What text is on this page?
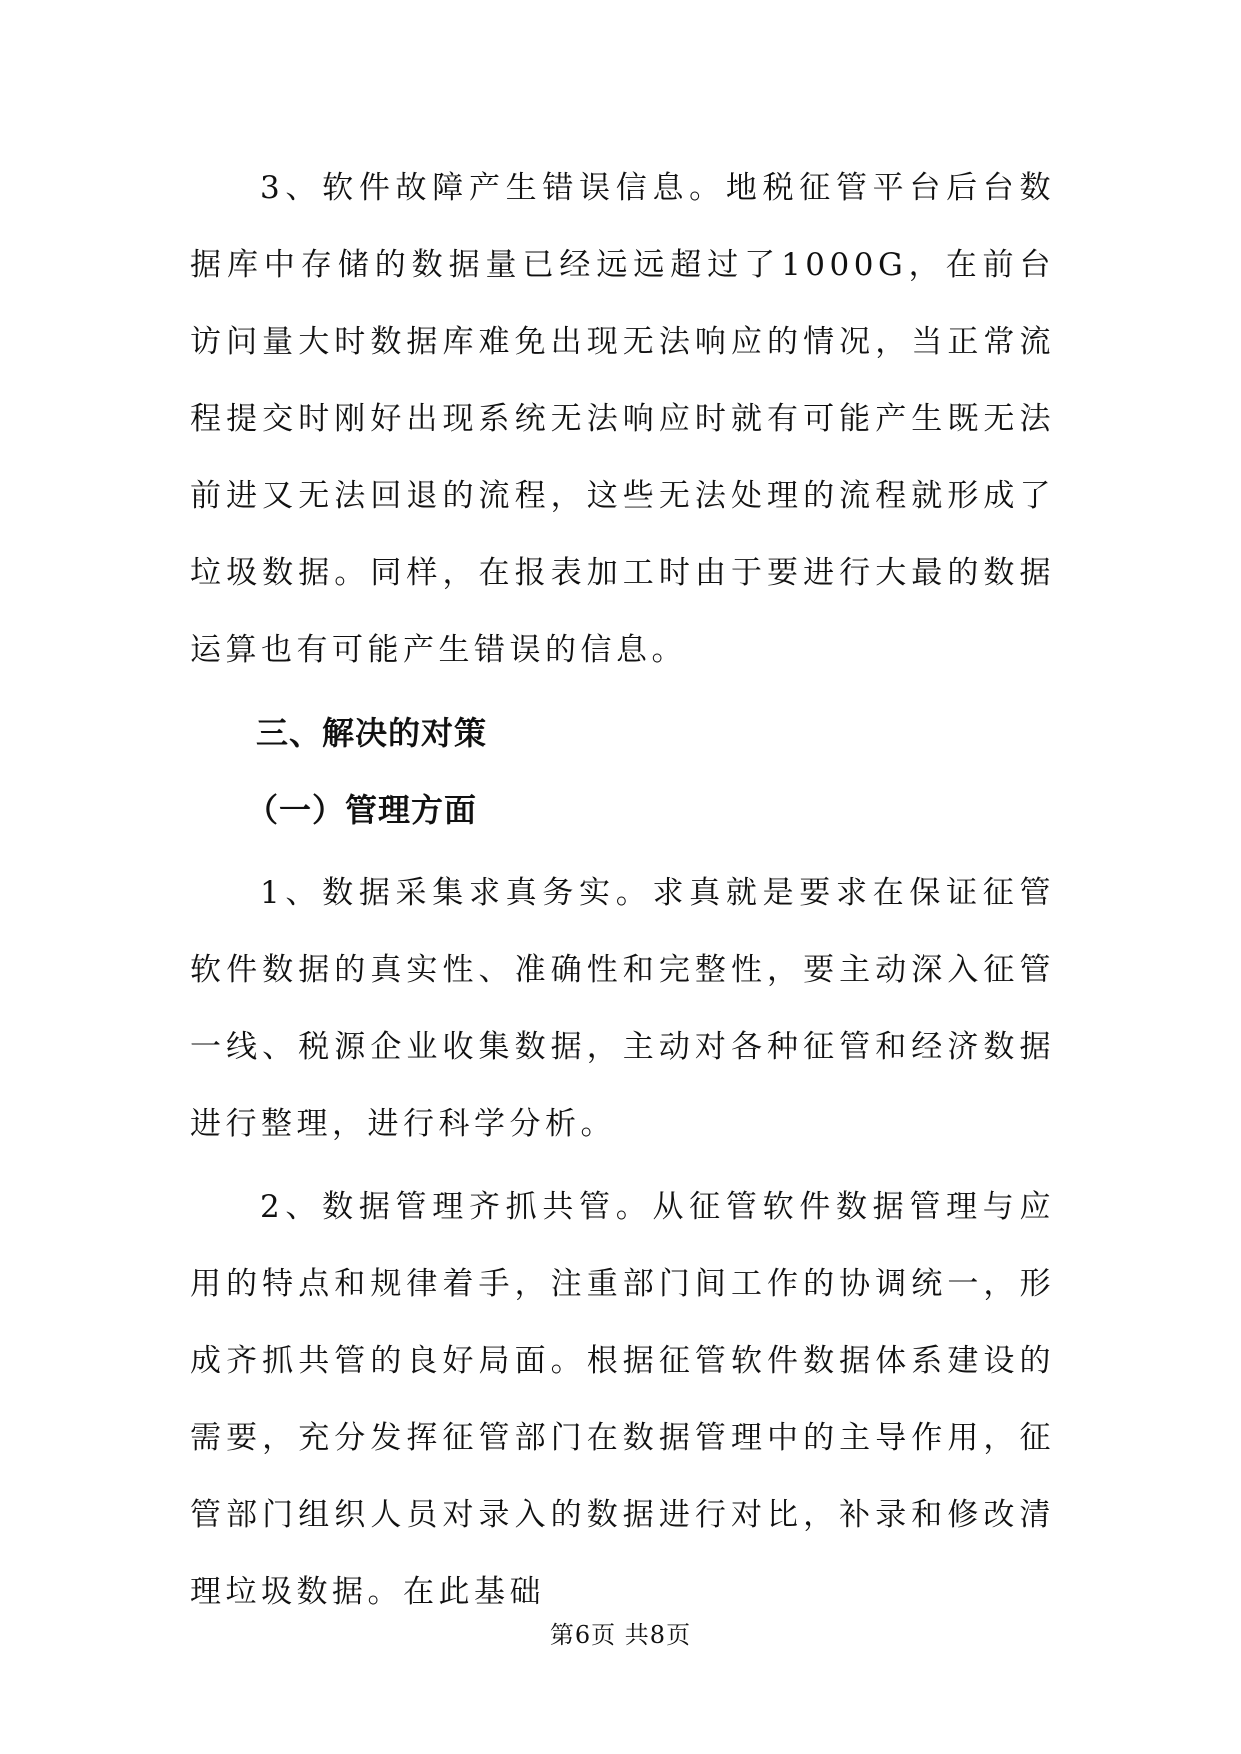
3、软件故障产生错误信息。地税征管平台后台数据库中存储的数据量已经远远超过了1000G，在前台访问量大时数据库难免出现无法响应的情况，当正常流程提交时刚好出现系统无法响应时就有可能产生既无法前进又无法回退的流程，这些无法处理的流程就形成了垃圾数据。同样，在报表加工时由于要进行大最的数据运算也有可能产生错误的信息。

三、解决的对策
（一）管理方面

1、数据采集求真务实。求真就是要求在保证征管软件数据的真实性、准确性和完整性，要主动深入征管一线、税源企业收集数据，主动对各种征管和经济数据进行整理，进行科学分析。

2、数据管理齐抓共管。从征管软件数据管理与应用的特点和规律着手，注重部门间工作的协调统一，形成齐抓共管的良好局面。根据征管软件数据体系建设的需要，充分发挥征管部门在数据管理中的主导作用，征管部门组织人员对录入的数据进行对比，补录和修改清理垃圾数据。在此基础

第6页 共8页
